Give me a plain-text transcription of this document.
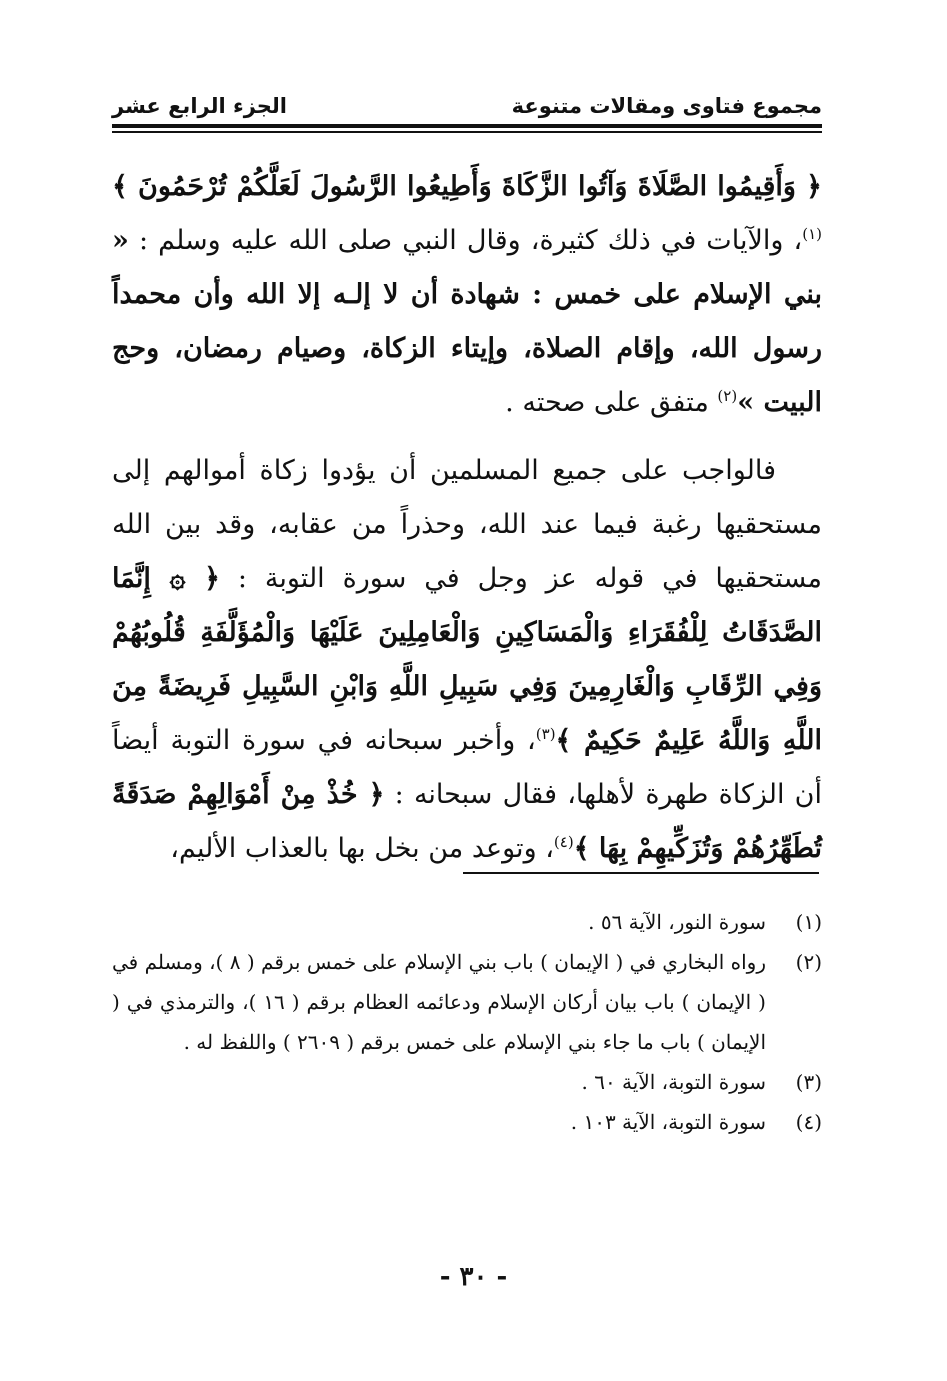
مجموع فتاوى ومقالات متنوعة
الجزء الرابع عشر

﴿ وَأَقِيمُوا الصَّلَاةَ وَآتُوا الزَّكَاةَ وَأَطِيعُوا الرَّسُولَ لَعَلَّكُمْ تُرْحَمُونَ ﴾$^{(١)}$، والآيات في ذلك كثيرة، وقال النبي صلى الله عليه وسلم : « بني الإسلام على خمس : شهادة أن لا إلـه إلا الله وأن محمداً رسول الله، وإقام الصلاة، وإيتاء الزكاة، وصيام رمضان، وحج البيت »$^{(٢)}$ متفق على صحته .

فالواجب على جميع المسلمين أن يؤدوا زكاة أموالهم إلى مستحقيها رغبة فيما عند الله، وحذراً من عقابه، وقد بين الله مستحقيها في قوله عز وجل في سورة التوبة : ﴿ ۞ إِنَّمَا الصَّدَقَاتُ لِلْفُقَرَاءِ وَالْمَسَاكِينِ وَالْعَامِلِينَ عَلَيْهَا وَالْمُؤَلَّفَةِ قُلُوبُهُمْ وَفِي الرِّقَابِ وَالْغَارِمِينَ وَفِي سَبِيلِ اللَّهِ وَابْنِ السَّبِيلِ فَرِيضَةً مِنَ اللَّهِ وَاللَّهُ عَلِيمٌ حَكِيمٌ ﴾$^{(٣)}$، وأخبر سبحانه في سورة التوبة أيضاً أن الزكاة طهرة لأهلها، فقال سبحانه : ﴿ خُذْ مِنْ أَمْوَالِهِمْ صَدَقَةً تُطَهِّرُهُمْ وَتُزَكِّيهِمْ بِهَا ﴾$^{(٤)}$، وتوعد من بخل بها بالعذاب الأليم،

(١)
سورة النور، الآية ٥٦ .
(٢)
رواه البخاري في ( الإيمان ) باب بني الإسلام على خمس برقم ( ٨ )، ومسلم في ( الإيمان ) باب بيان أركان الإسلام ودعائمه العظام برقم ( ١٦ )، والترمذي في ( الإيمان ) باب ما جاء بني الإسلام على خمس برقم ( ٢٦٠٩ ) واللفظ له .
(٣)
سورة التوبة، الآية ٦٠ .
(٤)
سورة التوبة، الآية ١٠٣ .
- ٣٠ -
